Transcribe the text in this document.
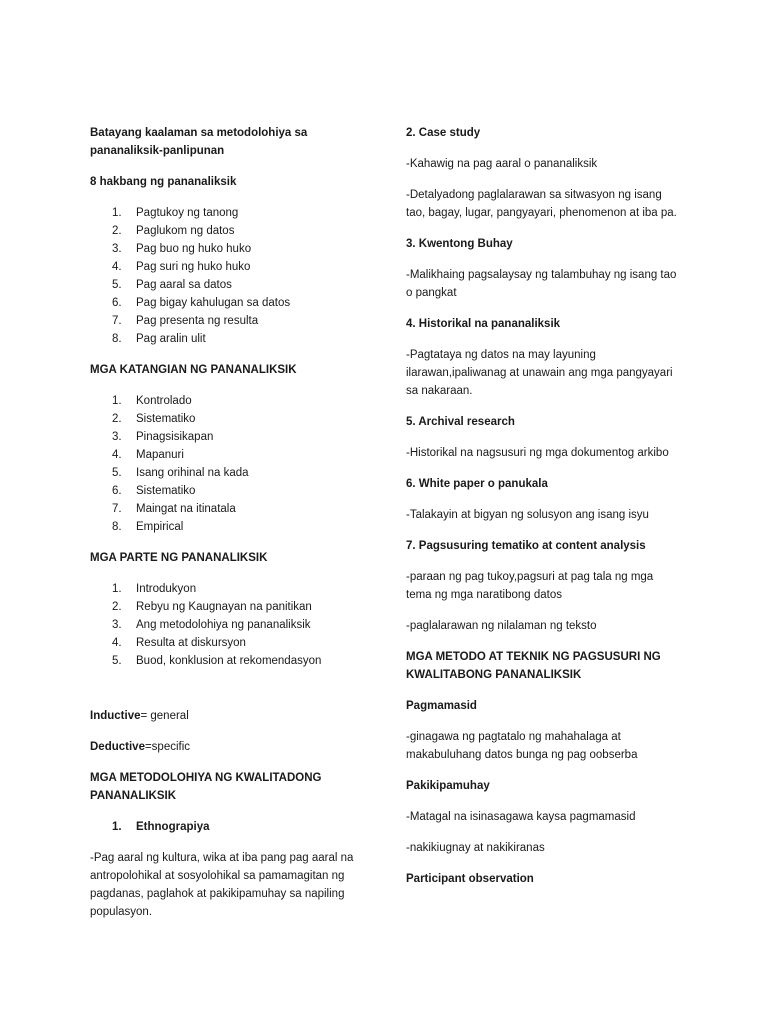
Batayang kaalaman sa metodolohiya sa

pananaliksik-panlipunan

8 hakbang ng pananaliksik

1. Pagtukoy ng tanong
2. Paglukom ng datos
3. Pag buo ng huko huko
4. Pag suri ng huko huko
5. Pag aaral sa datos
6. Pag bigay kahulugan sa datos
7. Pag presenta ng resulta
8. Pag aralin ulit

MGA KATANGIAN NG PANANALIKSIK

1. Kontrolado
2. Sistematiko
3. Pinagsisikapan
4. Mapanuri
5. Isang orihinal na kada
6. Sistematiko
7. Maingat na itinatala
8. Empirical

MGA PARTE NG PANANALIKSIK

1. Introdukyon
2. Rebyu ng Kaugnayan na panitikan
3. Ang metodolohiya ng pananaliksik
4. Resulta at diskursyon
5. Buod, konklusion at rekomendasyon

Inductive= general

Deductive=specific

MGA METODOLOHIYA NG KWALITADONG

PANANALIKSIK

1. Ethnograpiya

-Pag aaral ng kultura, wika at iba pang pag aaral na

antropolohikal at sosyolohikal sa pamamagitan ng

pagdanas, paglahok at pakikipamuhay sa napiling

populasyon.

2. Case study

-Kahawig na pag aaral o pananaliksik

-Detalyadong paglalarawan sa sitwasyon ng isang

tao, bagay, lugar, pangyayari, phenomenon at iba pa.

3. Kwentong Buhay

-Malikhaing pagsalaysay ng talambuhay ng isang tao

o pangkat

4. Historikal na pananaliksik

-Pagtataya ng datos na may layuning

ilarawan,ipaliwanag at unawain ang mga pangyayari

sa nakaraan.

5. Archival research

-Historikal na nagsusuri ng mga dokumentog arkibo

6. White paper o panukala

-Talakayin at bigyan ng solusyon ang isang isyu

7. Pagsusuring tematiko at content analysis

-paraan ng pag tukoy,pagsuri at pag tala ng mga

tema ng mga naratibong datos

-paglalarawan ng nilalaman ng teksto

MGA METODO AT TEKNIK NG PAGSUSURI NG

KWALITABONG PANANALIKSIK

Pagmamasid

-ginagawa ng pagtatalo ng mahahalaga at

makabuluhang datos bunga ng pag oobserba

Pakikipamuhay

-Matagal na isinasagawa kaysa pagmamasid

-nakikiugnay at nakikiranas

Participant observation
